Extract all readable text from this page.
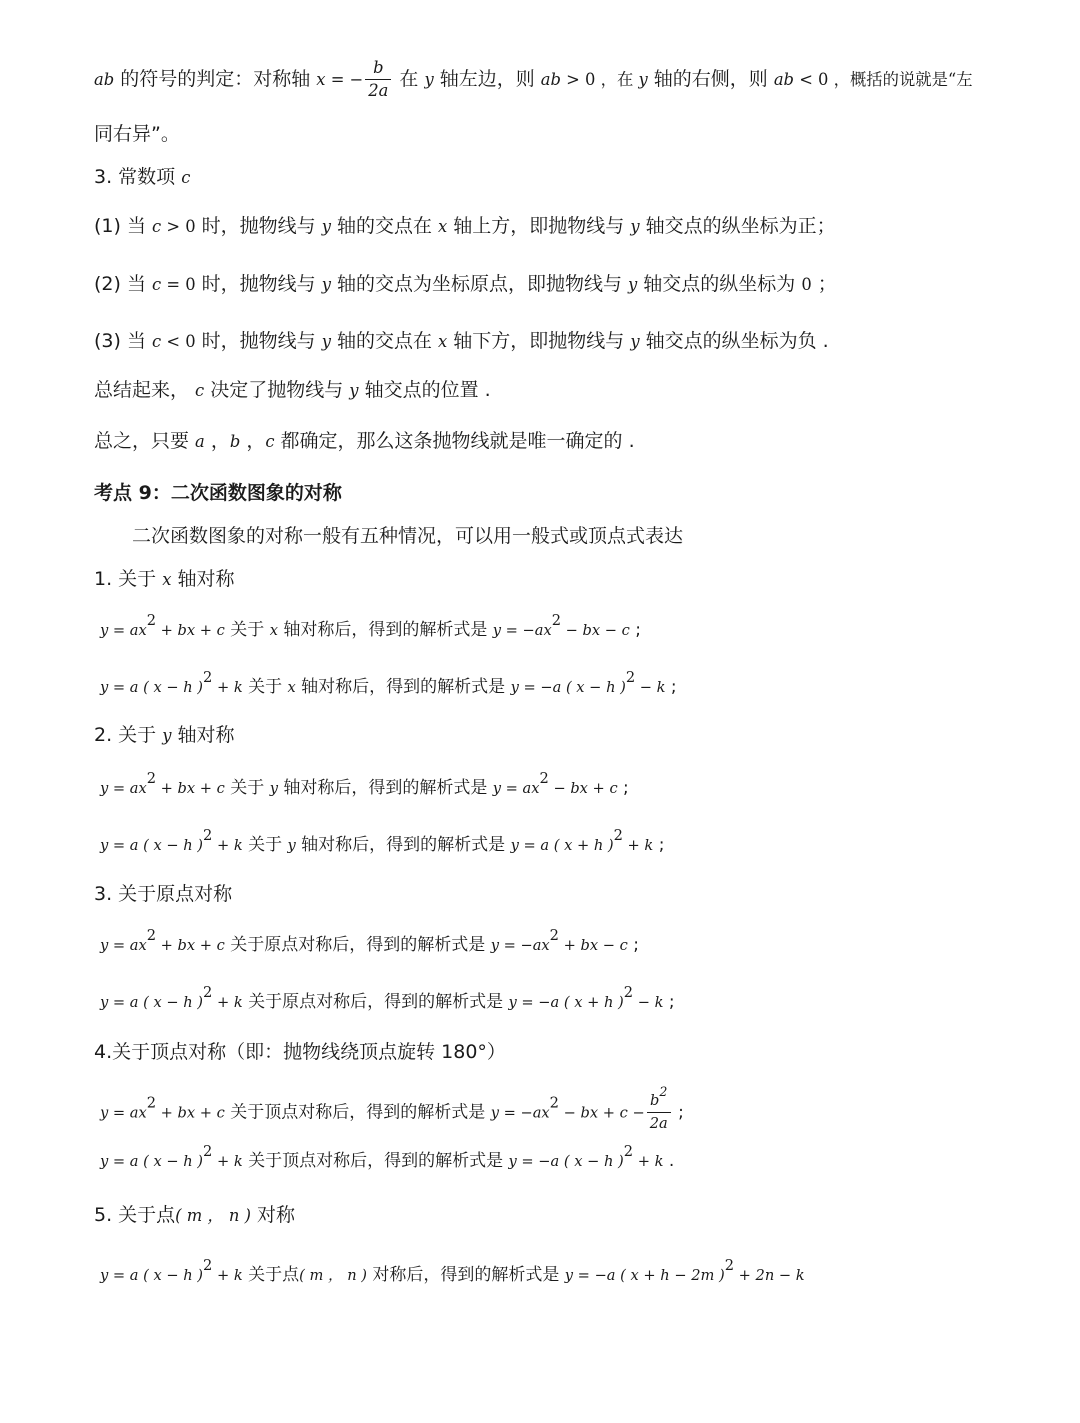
ab 的符号的判定：对称轴 x = − $\frac{b}{2a}$ 在 y 轴左边，则 ab > 0 ，在 y 轴的右侧，则 ab < 0 ，概括的说就是“左
同右异”。
3. 常数项 c
(1) 当 c > 0 时，抛物线与 y 轴的交点在 x 轴上方，即抛物线与 y 轴交点的纵坐标为正；
(2) 当 c = 0 时，抛物线与 y 轴的交点为坐标原点，即抛物线与 y 轴交点的纵坐标为 0 ；
(3) 当 c < 0 时，抛物线与 y 轴的交点在 x 轴下方，即抛物线与 y 轴交点的纵坐标为负 .
总结起来， c 决定了抛物线与 y 轴交点的位置 .
总之，只要 a ，b ，c 都确定，那么这条抛物线就是唯一确定的 .
考点 9：二次函数图象的对称
二次函数图象的对称一般有五种情况，可以用一般式或顶点式表达
1. 关于 x 轴对称
$y = ax^2$ + bx + c 关于 x 轴对称后，得到的解析式是 $y = -ax^2$ − bx − c ;
y = a ( x − h )$^2$ + k 关于 x 轴对称后，得到的解析式是 y = −a ( x − h )$^2$ − k ;
2. 关于 y 轴对称
$y = ax^2$ + bx + c 关于 y 轴对称后，得到的解析式是 $y = ax^2$ − bx + c ;
y = a ( x − h )$^2$ + k 关于 y 轴对称后，得到的解析式是 y = a ( x + h )$^2$ + k ;
3. 关于原点对称
$y = ax^2$ + bx + c 关于原点对称后，得到的解析式是 $y = -ax^2$ + bx − c ;
y = a ( x − h )$^2$ + k 关于原点对称后，得到的解析式是 y = −a ( x + h )$^2$ − k ;
4.关于顶点对称（即：抛物线绕顶点旋转 180°）
$y = ax^2$ + bx + c 关于顶点对称后，得到的解析式是 $y = -ax^2$ − bx + $c - \frac{b^2}{2a}$ ;
y = a ( x − h )$^2$ + k 关于顶点对称后，得到的解析式是 y = −a ( x − h )$^2$ + k .
5. 关于点( m ， n ) 对称
y = a ( x − h )$^2$ + k 关于点( m ， n ) 对称后，得到的解析式是 y = −a ( x + h − 2m )$^2$ + 2n − k
